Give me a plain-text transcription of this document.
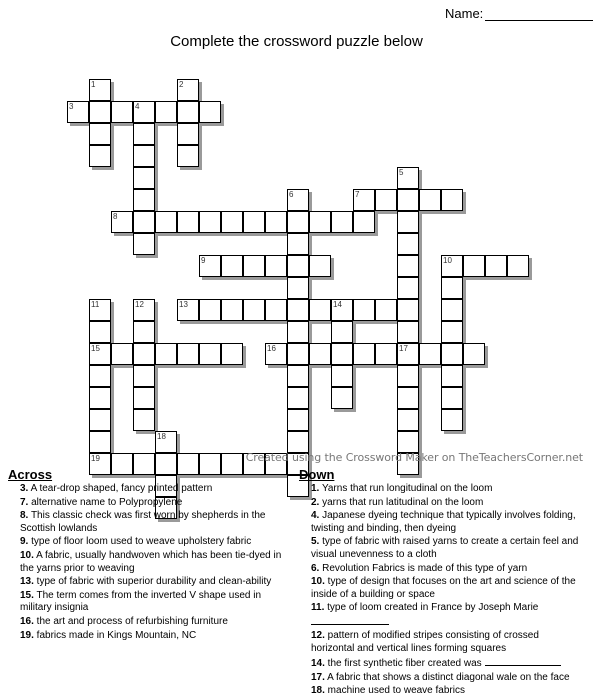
Name:
Complete the crossword puzzle below
1	2
3	4
5
6	7
8
9	10
11	12	13	14
15	16	17
18
19	Created using the Crossword Maker on TheTeachersCorner.net
Across
3. A tear-drop shaped, fancy printed pattern
7. alternative name to Polypropylene
8. This classic check was first worn by shepherds in the Scottish lowlands
9. type of floor loom used to weave upholstery fabric
10. A fabric, usually handwoven which has been tie-dyed in the yarns prior to weaving
13. type of fabric with superior durability and clean-ability
15. The term comes from the inverted V shape used in military insignia
16. the art and process of refurbishing furniture
19. fabrics made in Kings Mountain, NC
Down
1. Yarns that run longitudinal on the loom
2. yarns that run latitudinal on the loom
4. Japanese dyeing technique that typically involves folding, twisting and binding, then dyeing
5. type of fabric with raised yarns to create a certain feel and visual unevenness to a cloth
6. Revolution Fabrics is made of this type of yarn
10. type of design that focuses on the art and science of the inside of a building or space
11. type of loom created in France by Joseph Marie
12. pattern of modified stripes consisting of crossed horizontal and vertical lines forming squares
14. the first synthetic fiber created was
17. A fabric that shows a distinct diagonal wale on the face
18. machine used to weave fabrics
